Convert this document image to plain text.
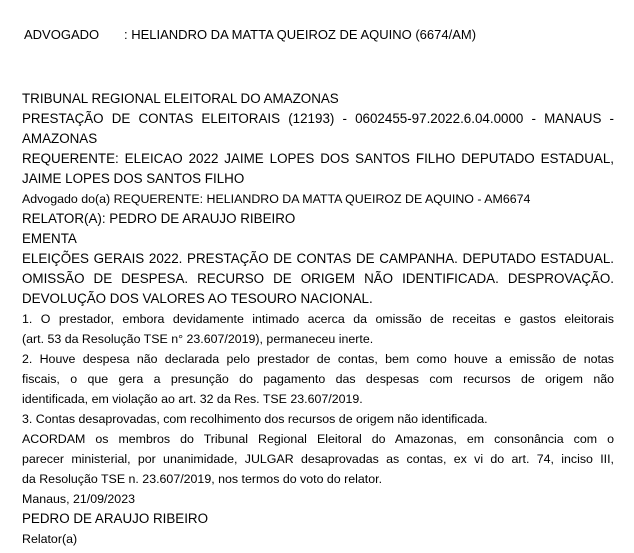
ADVOGADO : HELIANDRO DA MATTA QUEIROZ DE AQUINO (6674/AM)
TRIBUNAL REGIONAL ELEITORAL DO AMAZONAS
PRESTAÇÃO DE CONTAS ELEITORAIS (12193) - 0602455-97.2022.6.04.0000 - MANAUS -
AMAZONAS
REQUERENTE: ELEICAO 2022 JAIME LOPES DOS SANTOS FILHO DEPUTADO ESTADUAL,
JAIME LOPES DOS SANTOS FILHO
Advogado do(a) REQUERENTE: HELIANDRO DA MATTA QUEIROZ DE AQUINO - AM6674
RELATOR(A): PEDRO DE ARAUJO RIBEIRO
EMENTA
ELEIÇÕES GERAIS 2022. PRESTAÇÃO DE CONTAS DE CAMPANHA. DEPUTADO ESTADUAL.
OMISSÃO DE DESPESA. RECURSO DE ORIGEM NÃO IDENTIFICADA. DESPROVAÇÃO.
DEVOLUÇÃO DOS VALORES AO TESOURO NACIONAL.
1. O prestador, embora devidamente intimado acerca da omissão de receitas e gastos eleitorais
(art. 53 da Resolução TSE n° 23.607/2019), permaneceu inerte.
2. Houve despesa não declarada pelo prestador de contas, bem como houve a emissão de notas
fiscais, o que gera a presunção do pagamento das despesas com recursos de origem não
identificada, em violação ao art. 32 da Res. TSE 23.607/2019.
3. Contas desaprovadas, com recolhimento dos recursos de origem não identificada.
ACORDAM os membros do Tribunal Regional Eleitoral do Amazonas, em consonância com o
parecer ministerial, por unanimidade, JULGAR desaprovadas as contas, ex vi do art. 74, inciso III,
da Resolução TSE n. 23.607/2019, nos termos do voto do relator.
Manaus, 21/09/2023
PEDRO DE ARAUJO RIBEIRO
Relator(a)
